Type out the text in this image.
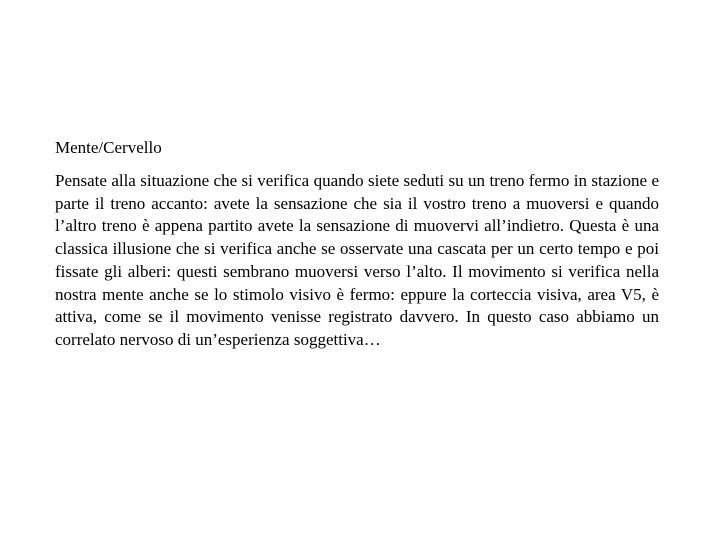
Mente/Cervello
Pensate alla situazione che si verifica quando siete seduti su un treno fermo in stazione e parte il treno accanto: avete la sensazione che sia il vostro treno a muoversi e quando l’altro treno è appena partito avete la sensazione di muovervi all’indietro. Questa è una classica illusione che si verifica anche se osservate una cascata per un certo tempo e poi fissate gli alberi: questi sembrano muoversi verso l’alto. Il movimento si verifica nella nostra mente anche se lo stimolo visivo è fermo: eppure la corteccia visiva, area V5, è attiva, come se il movimento venisse registrato davvero. In questo caso abbiamo un correlato nervoso di un’esperienza soggettiva…
